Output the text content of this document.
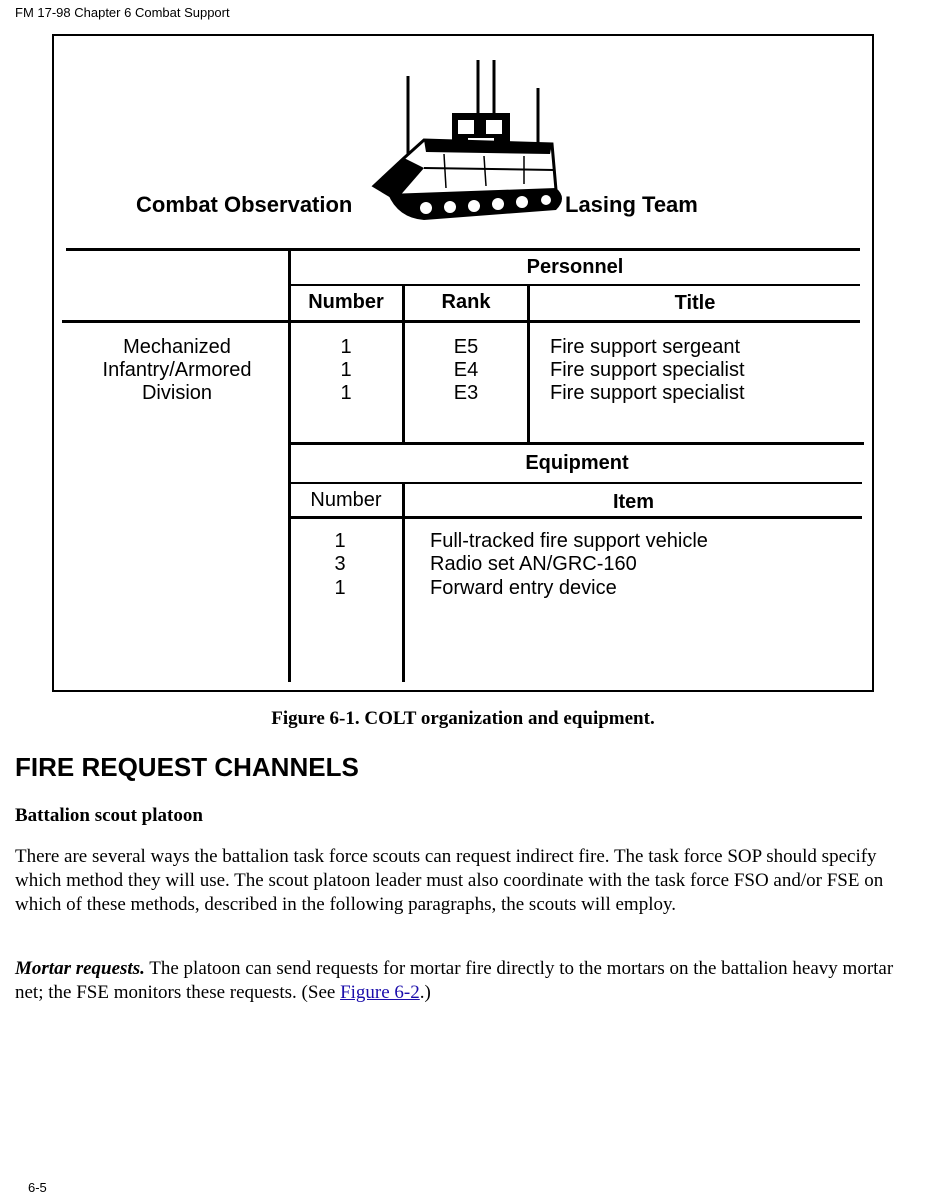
FM 17-98 Chapter 6 Combat Support
Combat Observation	Lasing Team
Personnel
Number	Rank	Title
Mechanized
Infantry/Armored
Division
1	E5	Fire support sergeant
1	E4	Fire support specialist
1	E3	Fire support specialist
Equipment
Number	Item
1	Full-tracked fire support vehicle
3	Radio set AN/GRC-160
1	Forward entry device
Figure 6-1. COLT organization and equipment.
FIRE REQUEST CHANNELS
Battalion scout platoon
There are several ways the battalion task force scouts can request indirect fire. The task force SOP should specify which method they will use. The scout platoon leader must also coordinate with the task force FSO and/or FSE on which of these methods, described in the following paragraphs, the scouts will employ.
Mortar requests. The platoon can send requests for mortar fire directly to the mortars on the battalion heavy mortar net; the FSE monitors these requests. (See Figure 6-2.)
6-5
